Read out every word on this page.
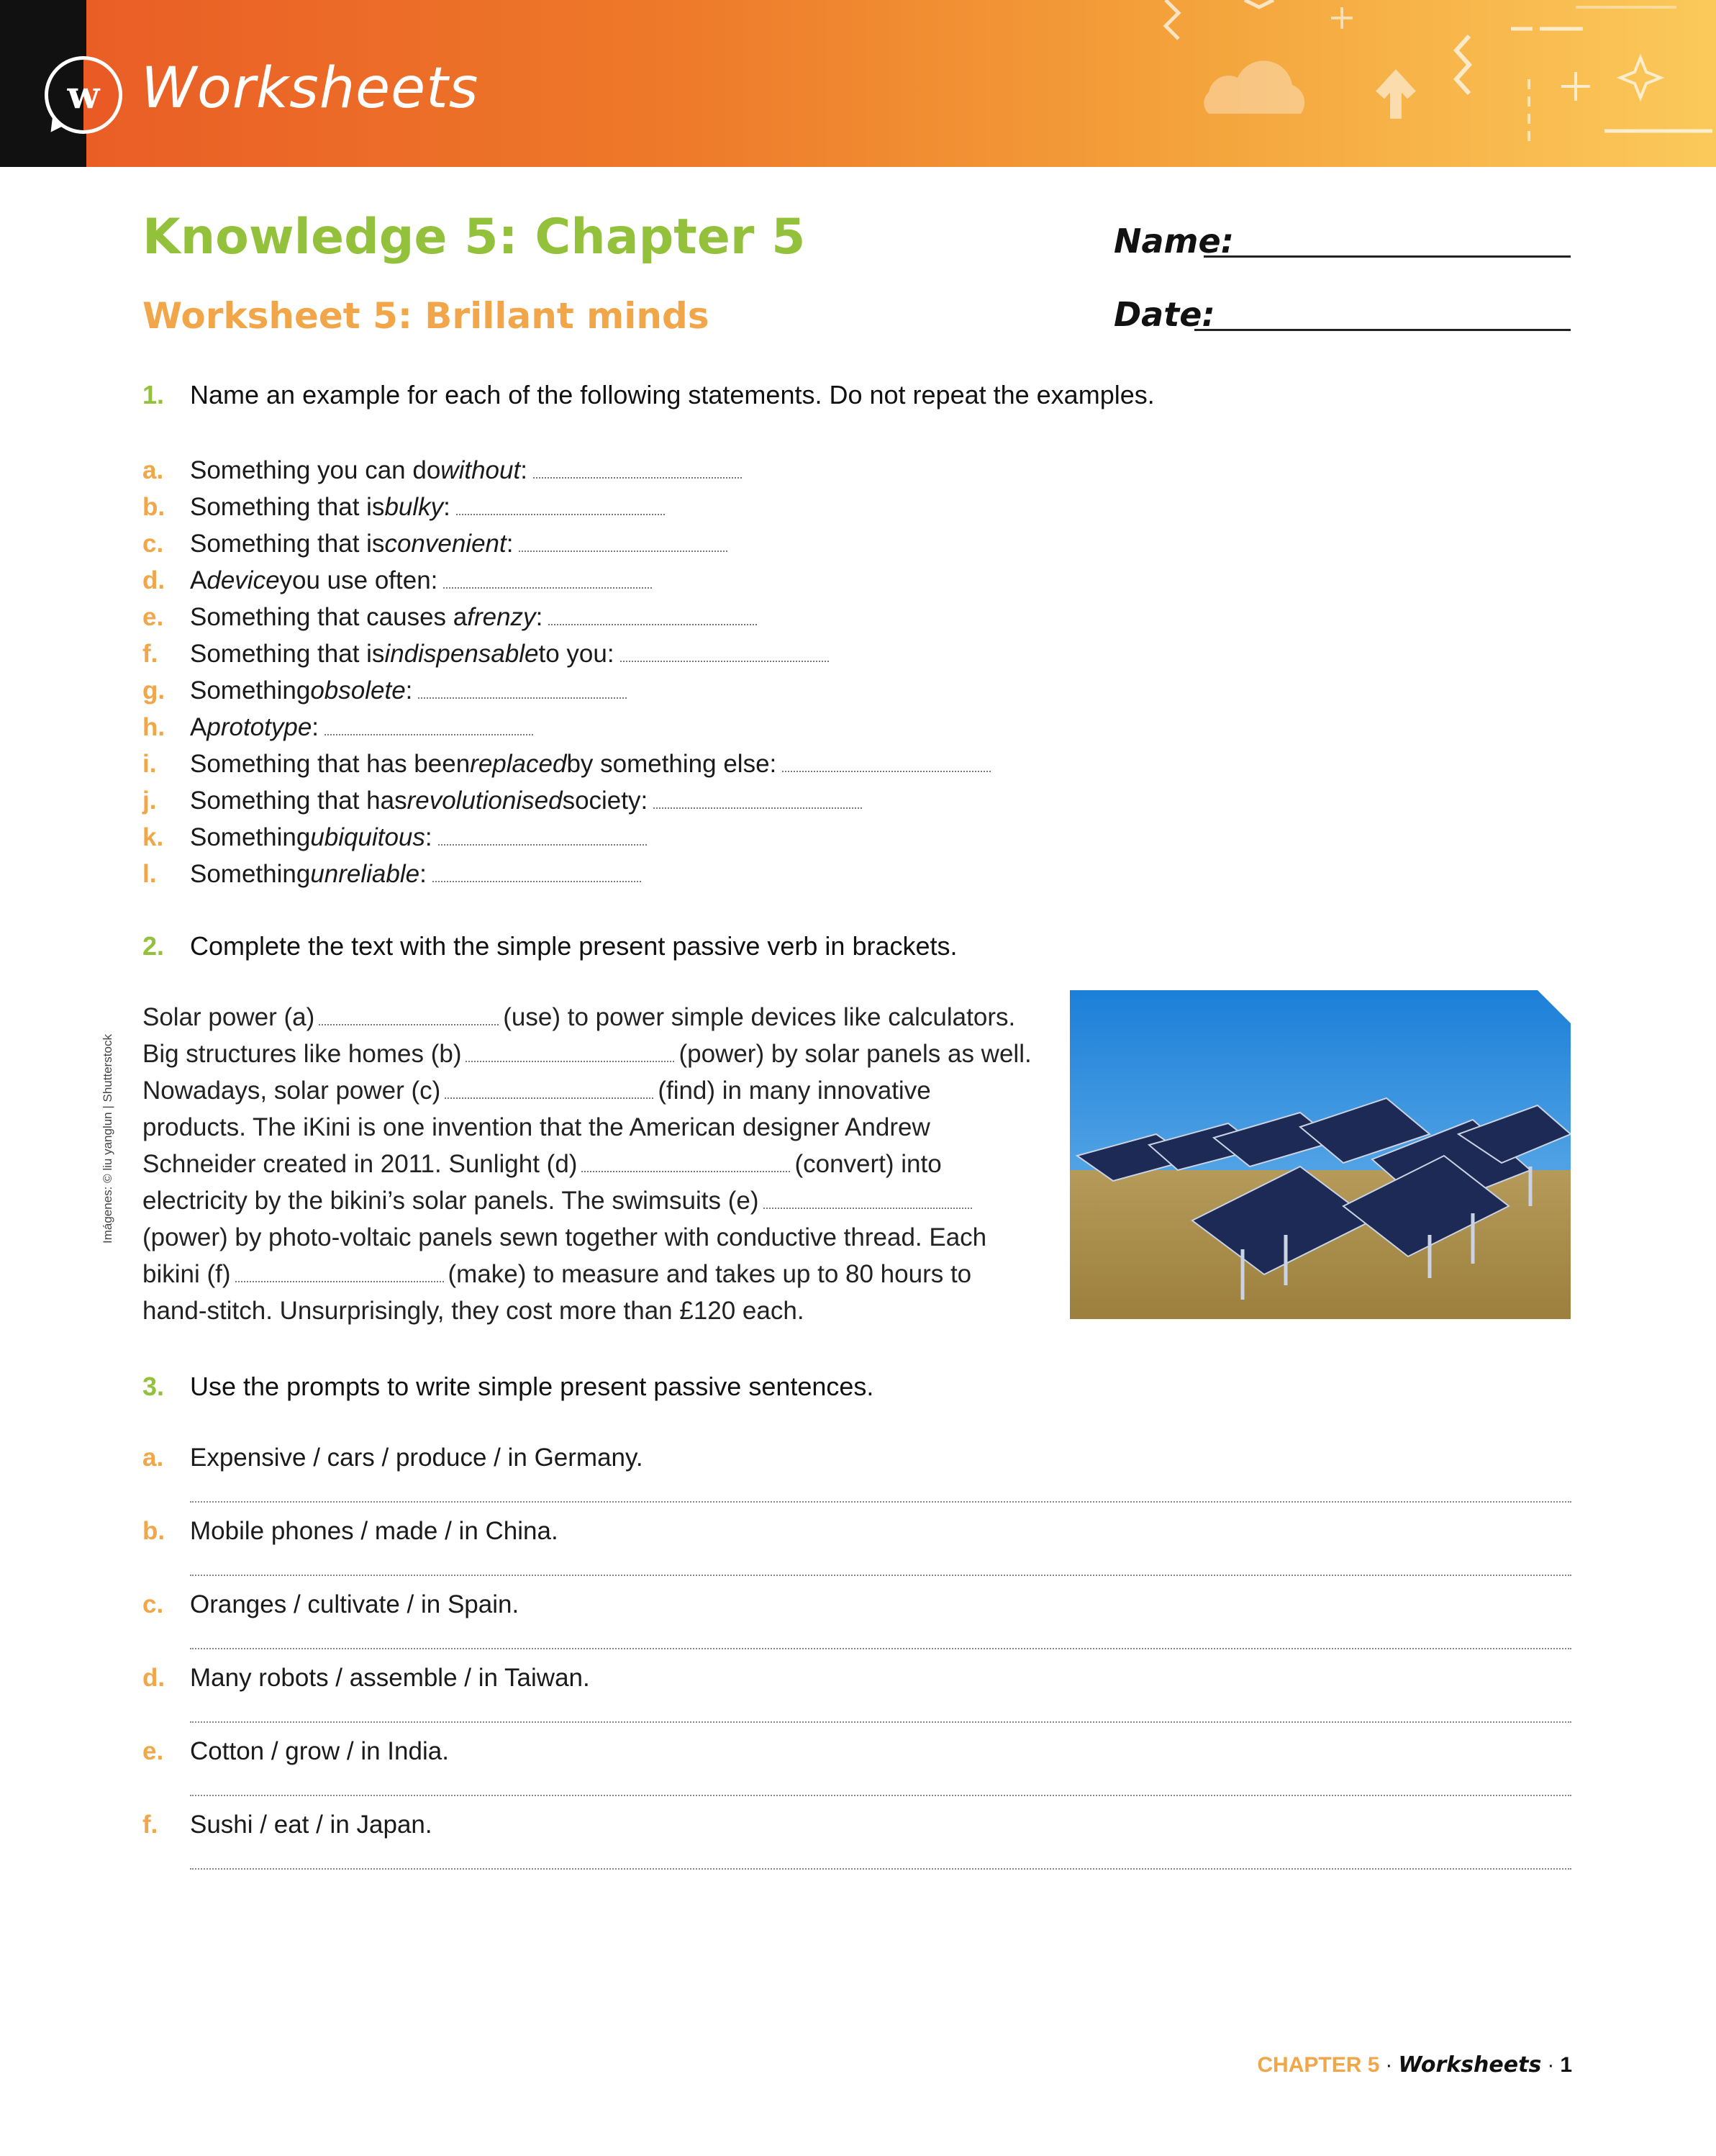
w Worksheets
Knowledge 5: Chapter 5
Worksheet 5: Brillant minds
Name:
Date:
1. Name an example for each of the following statements. Do not repeat the examples.
a.	Something you can do without :
b. Something that is bulky :
c.	Something that is convenient :
d. A device you use often:
e.	Something that causes a frenzy :
f.	Something that is indispensable to you:
g. Something obsolete :
h. A prototype :
i.	Something that has been replaced by something else:
j.	Something that has revolutionised society:
k.	Something ubiquitous :
l.	Something unreliable :
2. Complete the text with the simple present passive verb in brackets.
Solar power (a)	(use) to power simple devices like calculators. Big structures like homes (b)	(power) by solar panels as well. Nowadays, solar power (c)	(find) in many innovative products. The iKini is one invention that the American designer Andrew Schneider created in 2011. Sunlight (d)	(convert) into electricity by the bikini’s solar panels. The swimsuits (e)(power) by photo-voltaic panels sewn together with conductive thread. Each bikini (f)	(make) to measure and takes up to 80 hours to hand-stitch. Unsurprisingly, they cost more than £120 each.
3. Use the prompts to write simple present passive sentences.
a.	Expensive / cars / produce / in Germany.
b. Mobile phones / made / in China.
c.	Oranges / cultivate / in Spain.
d. Many robots / assemble / in Taiwan.
e.	Cotton / grow / in India.
f.	Sushi / eat / in Japan.
Imágenes: © liu yanglun | Shutterstock
CHAPTER 5 · Worksheets · 1
